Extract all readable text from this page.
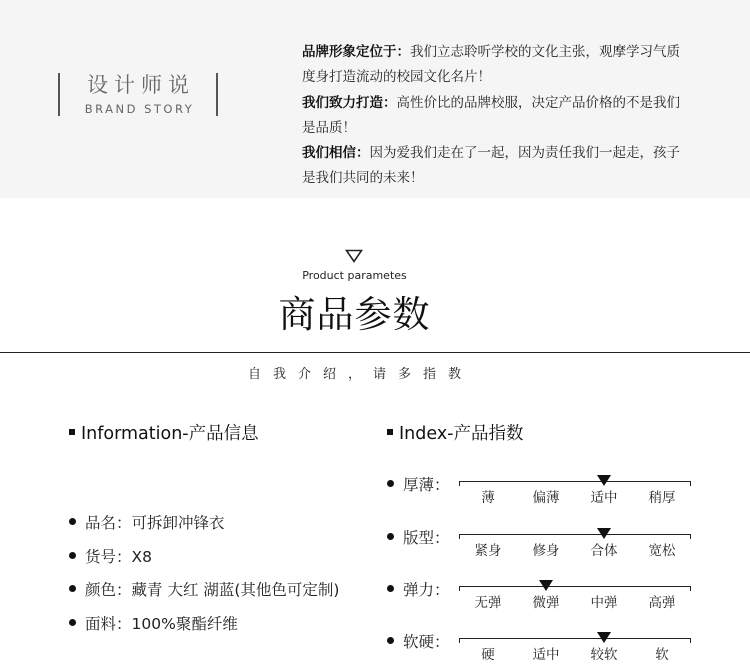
设计师说
BRAND STORY

品牌形象定位于：我们立志聆听学校的文化主张，观摩学习气质度身打造流动的校园文化名片！

我们致力打造：高性价比的品牌校服，决定产品价格的不是我们是品质！

我们相信：因为爱我们走在了一起，因为责任我们一起走，孩子是我们共同的未来！

Product parametes
商品参数
自我介绍，请多指教
Information-产品信息
品名：可拆卸冲锋衣
货号：X8
颜色：藏青 大红 湖蓝(其他色可定制)
面料：100%聚酯纤维
Index-产品指数
厚薄：
薄	偏薄	适中	稍厚
版型：
紧身	修身	合体	宽松
弹力：
无弹	微弹	中弹	高弹
软硬：
硬	适中	较软	软
